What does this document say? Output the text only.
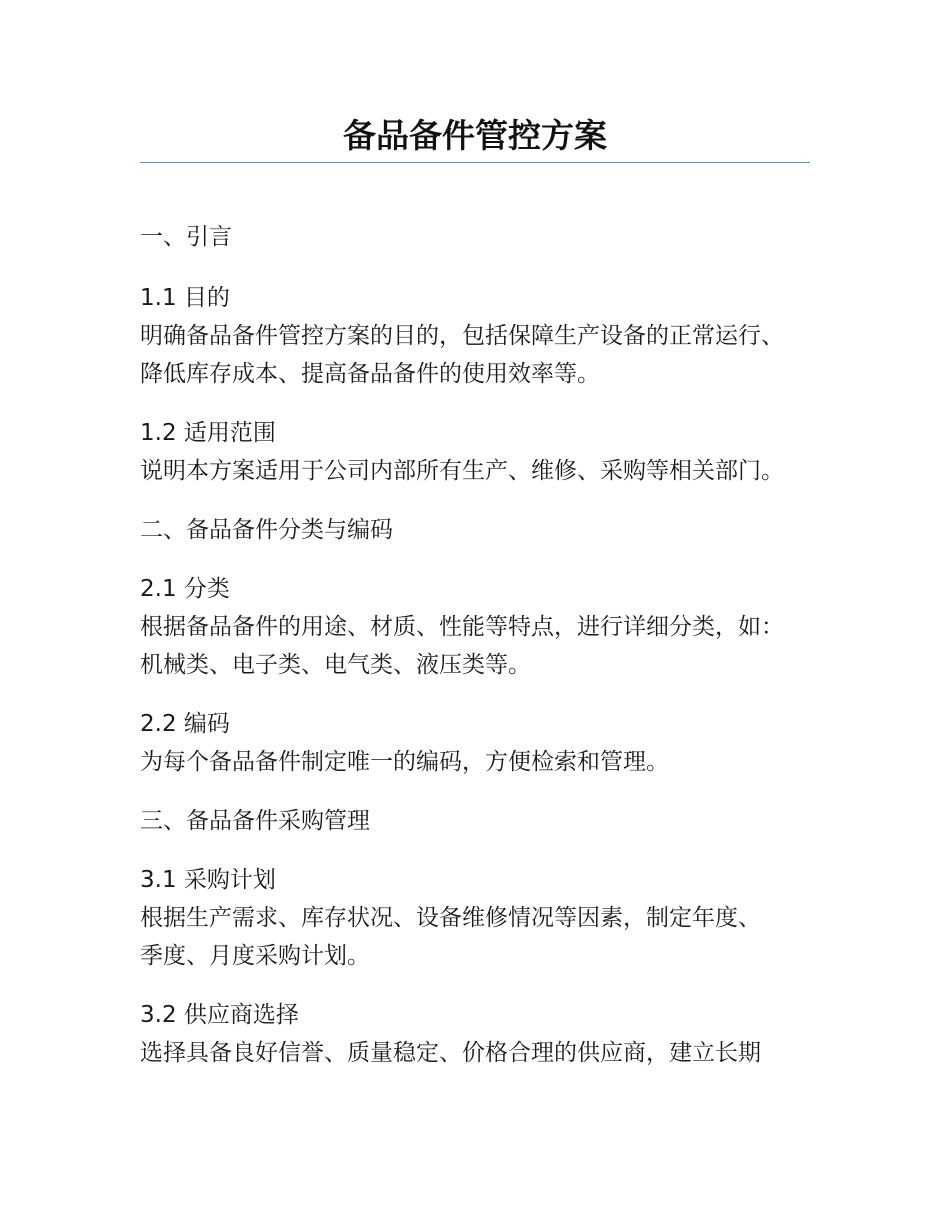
备品备件管控方案

一、引言

1.1 目的

明确备品备件管控方案的目的，包括保障生产设备的正常运行、

降低库存成本、提高备品备件的使用效率等。

1.2 适用范围

说明本方案适用于公司内部所有生产、维修、采购等相关部门。

二、备品备件分类与编码

2.1 分类

根据备品备件的用途、材质、性能等特点，进行详细分类，如：

机械类、电子类、电气类、液压类等。

2.2 编码

为每个备品备件制定唯一的编码，方便检索和管理。

三、备品备件采购管理

3.1 采购计划

根据生产需求、库存状况、设备维修情况等因素，制定年度、

季度、月度采购计划。

3.2 供应商选择

选择具备良好信誉、质量稳定、价格合理的供应商，建立长期
